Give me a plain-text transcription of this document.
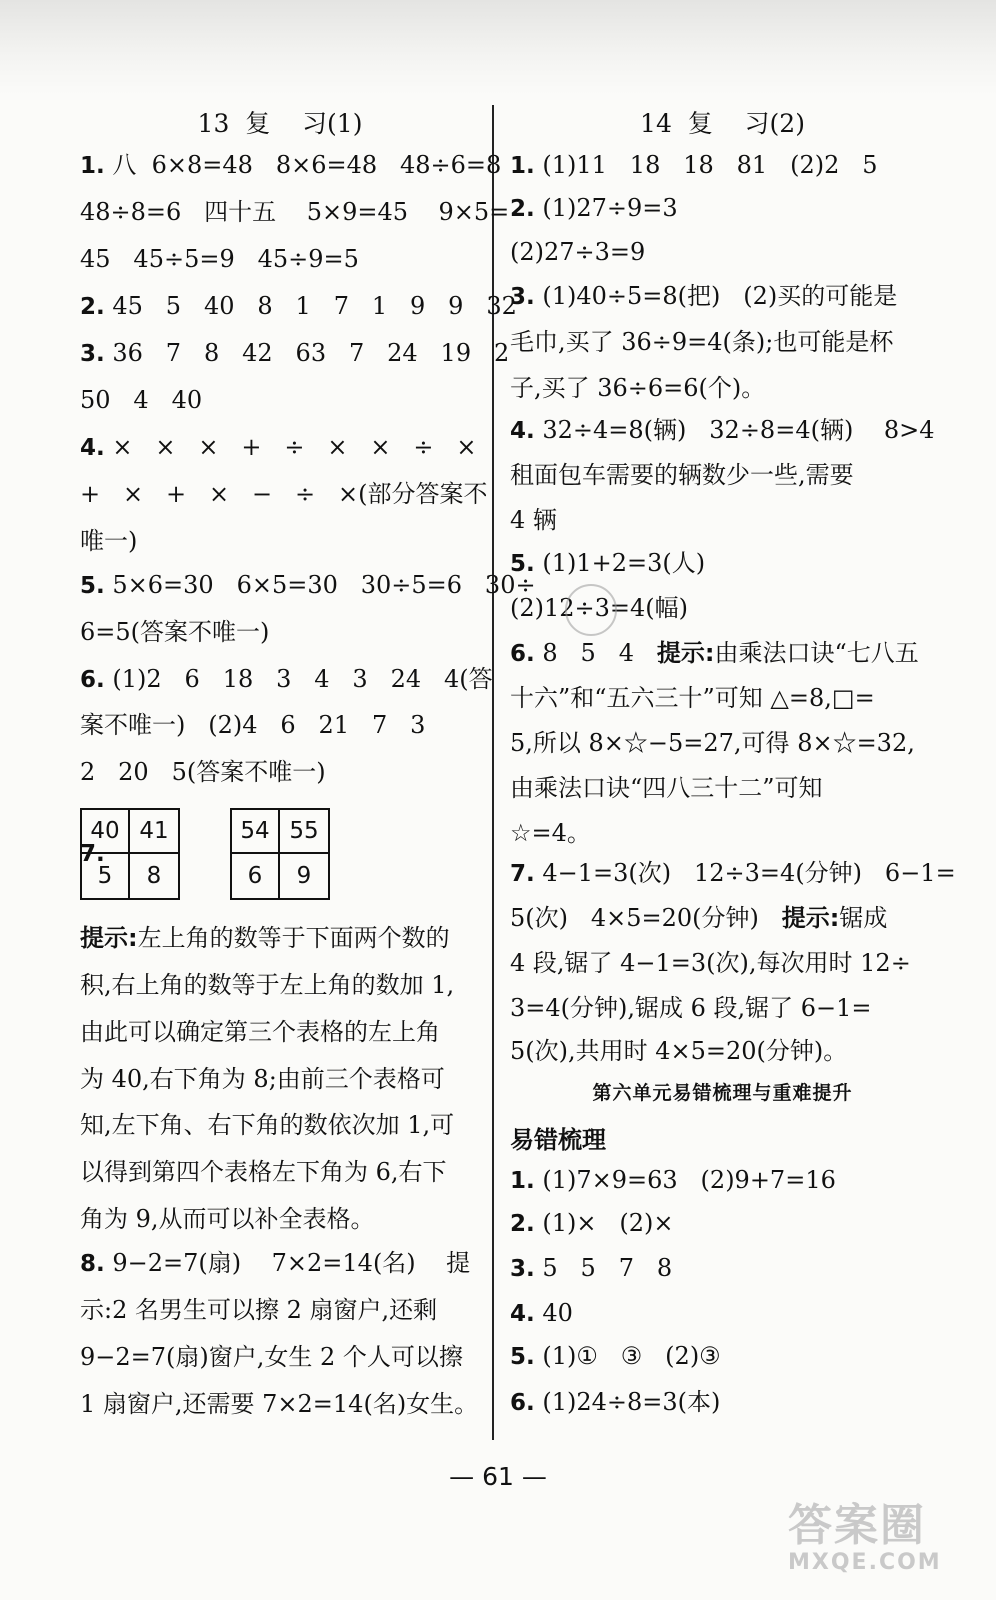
13  复    习(1)
1. 八  6×8=48   8×6=48   48÷6=8
48÷8=6   四十五    5×9=45    9×5=
45   45÷5=9   45÷9=5
2. 45   5   40   8   1   7   1   9   9   32
3. 36   7   8   42   63   7   24   19   2
50   4   40
4. ×   ×   ×   +   ÷   ×   ×   ÷   ×
+   ×   +   ×   −   ÷   ×(部分答案不
唯一)
5. 5×6=30   6×5=30   30÷5=6   30÷
6=5(答案不唯一)
6. (1)2   6   18   3   4   3   24   4(答
案不唯一)   (2)4   6   21   7   3
2   20   5(答案不唯一)
7.
40 41
5	8
54 55
6	9
提示:左上角的数等于下面两个数的
积,右上角的数等于左上角的数加 1,
由此可以确定第三个表格的左上角
为 40,右下角为 8;由前三个表格可
知,左下角、右下角的数依次加 1,可
以得到第四个表格左下角为 6,右下
角为 9,从而可以补全表格。
8. 9−2=7(扇)    7×2=14(名)    提
示:2 名男生可以擦 2 扇窗户,还剩
9−2=7(扇)窗户,女生 2 个人可以擦
1 扇窗户,还需要 7×2=14(名)女生。
14  复    习(2)
1. (1)11   18   18   81   (2)2   5
2. (1)27÷9=3
(2)27÷3=9
3. (1)40÷5=8(把)   (2)买的可能是
毛巾,买了 36÷9=4(条);也可能是杯
子,买了 36÷6=6(个)。
4. 32÷4=8(辆)   32÷8=4(辆)    8>4
租面包车需要的辆数少一些,需要
4 辆
5. (1)1+2=3(人)
(2)12÷3=4(幅)
6. 8   5   4   提示:由乘法口诀“七八五
十六”和“五六三十”可知 △=8,□=
5,所以 8×☆−5=27,可得 8×☆=32,
由乘法口诀“四八三十二”可知
☆=4。
7. 4−1=3(次)   12÷3=4(分钟)   6−1=
5(次)   4×5=20(分钟)   提示:锯成
4 段,锯了 4−1=3(次),每次用时 12÷
3=4(分钟),锯成 6 段,锯了 6−1=
5(次),共用时 4×5=20(分钟)。
第六单元易错梳理与重难提升
易错梳理
1. (1)7×9=63   (2)9+7=16
2. (1)×   (2)×
3. 5   5   7   8
4. 40
5. (1)①   ③   (2)③
6. (1)24÷8=3(本)
— 61 —
答案圈
MXQE.COM
